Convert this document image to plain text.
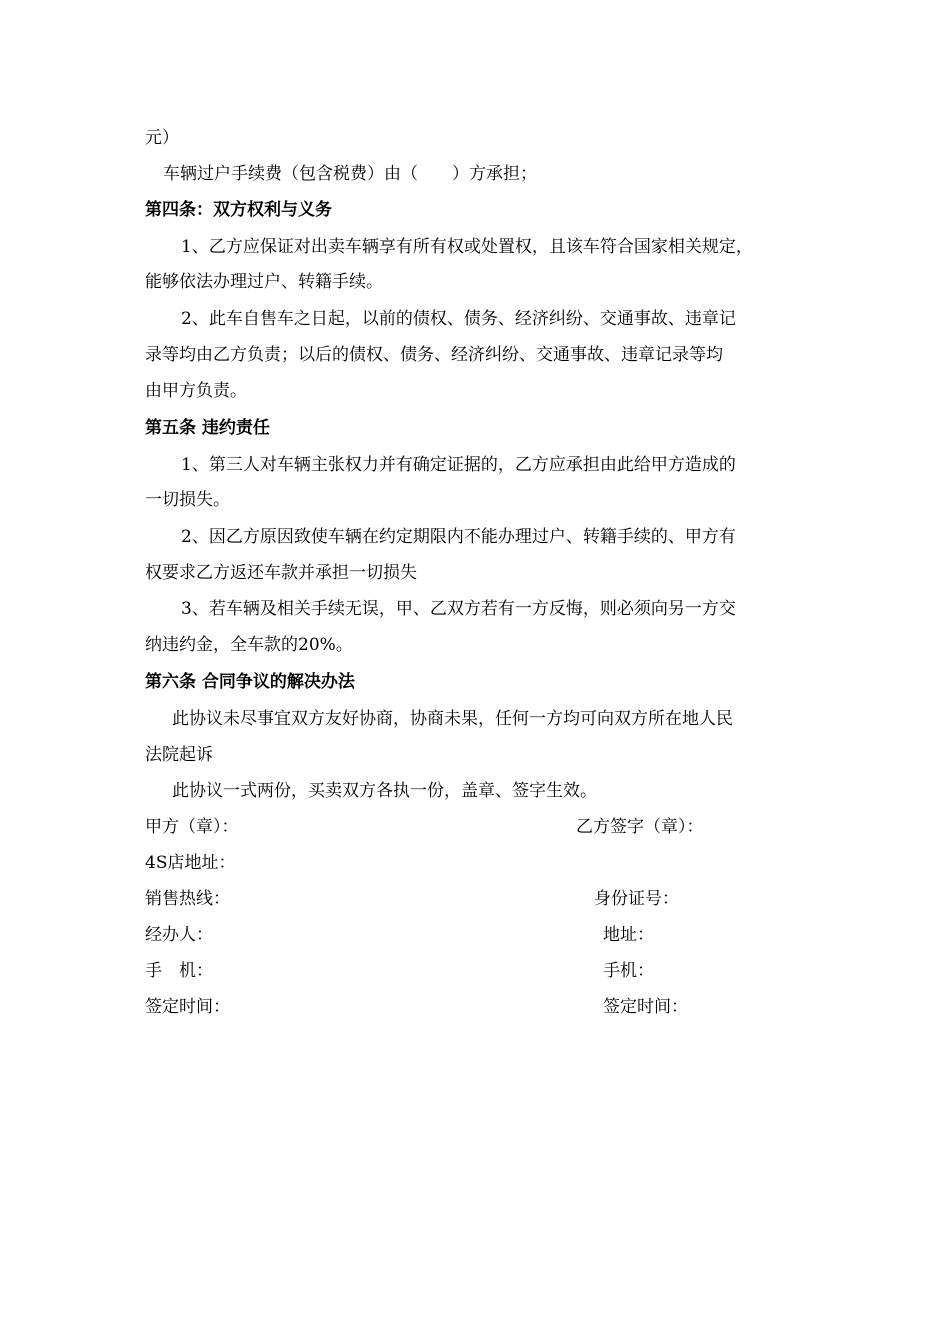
元）
车辆过户手续费（包含税费）由（　　）方承担；
第四条：双方权利与义务
1、乙方应保证对出卖车辆享有所有权或处置权，且该车符合国家相关规定，
能够依法办理过户、转籍手续。
2、此车自售车之日起，以前的债权、债务、经济纠纷、交通事故、违章记
录等均由乙方负责；以后的债权、债务、经济纠纷、交通事故、违章记录等均
由甲方负责。
第五条 违约责任
1、第三人对车辆主张权力并有确定证据的，乙方应承担由此给甲方造成的
一切损失。
2、因乙方原因致使车辆在约定期限内不能办理过户、转籍手续的、甲方有
权要求乙方返还车款并承担一切损失
3、若车辆及相关手续无误，甲、乙双方若有一方反悔，则必须向另一方交
纳违约金，全车款的20%。
第六条 合同争议的解决办法
此协议未尽事宜双方友好协商，协商未果，任何一方均可向双方所在地人民
法院起诉
此协议一式两份，买卖双方各执一份，盖章、签字生效。
甲方（章）：	乙方签字（章）：
4S店地址：
销售热线：	身份证号：
经办人：	地址：
手　机：	手机：
签定时间：	签定时间：
